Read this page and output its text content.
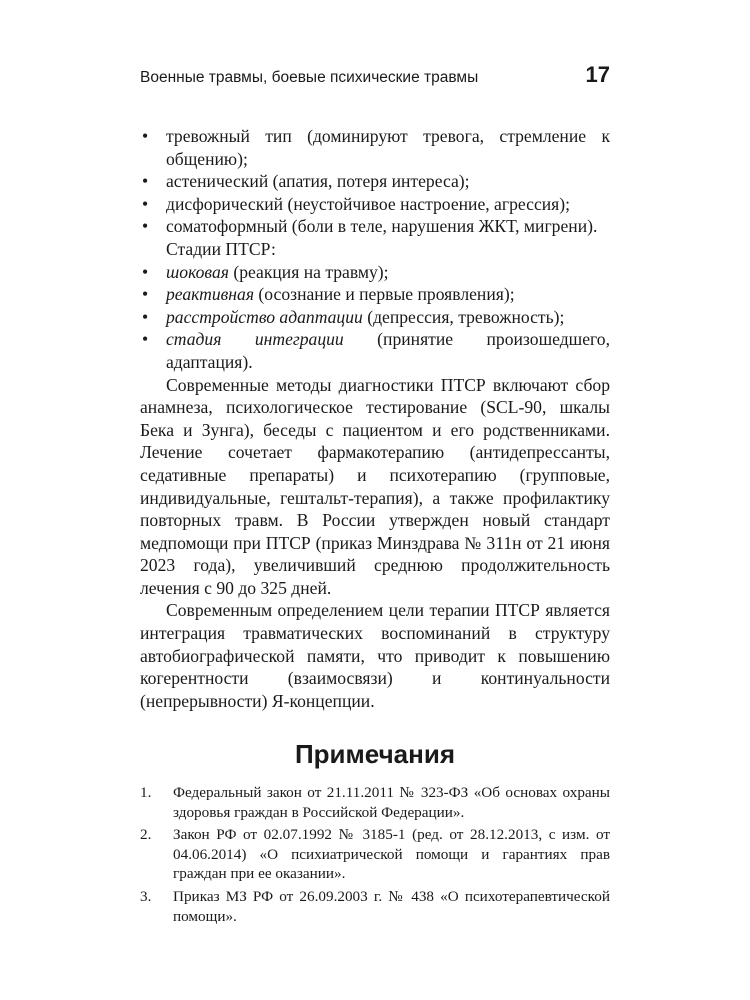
Военные травмы, боевые психические травмы	17
• тревожный тип (доминируют тревога, стремление к общению);
• астенический (апатия, потеря интереса);
• дисфорический (неустойчивое настроение, агрессия);
• соматоформный (боли в теле, нарушения ЖКТ, мигрени).

Стадии ПТСР:

• шоковая (реакция на травму);
• реактивная (осознание и первые проявления);
• расстройство адаптации (депрессия, тревожность);
• стадия интеграции (принятие произошедшего, адаптация).

Современные методы диагностики ПТСР включают сбор анамнеза, психологическое тестирование (SCL-90, шкалы Бека и Зунга), беседы с пациентом и его родственниками. Лечение сочетает фармакотерапию (антидепрессанты, седативные препараты) и психотерапию (групповые, индивидуальные, гештальт-терапия), а также профилактику повторных травм. В России утвержден новый стандарт медпомощи при ПТСР (приказ Минздрава № 311н от 21 июня 2023 года), увеличивший среднюю продолжительность лечения с 90 до 325 дней.

Современным определением цели терапии ПТСР является интеграция травматических воспоминаний в структуру автобиографической памяти, что приводит к повышению когерентности (взаимосвязи) и континуальности (непрерывности) Я-концепции.

Примечания
1. Федеральный закон от 21.11.2011 № 323-ФЗ «Об основах охраны здоровья граждан в Российской Федерации».
2. Закон РФ от 02.07.1992 № 3185-1 (ред. от 28.12.2013, с изм. от 04.06.2014) «О психиатрической помощи и гарантиях прав граждан при ее оказании».
3. Приказ МЗ РФ от 26.09.2003 г. № 438 «О психотерапевтической помощи».
